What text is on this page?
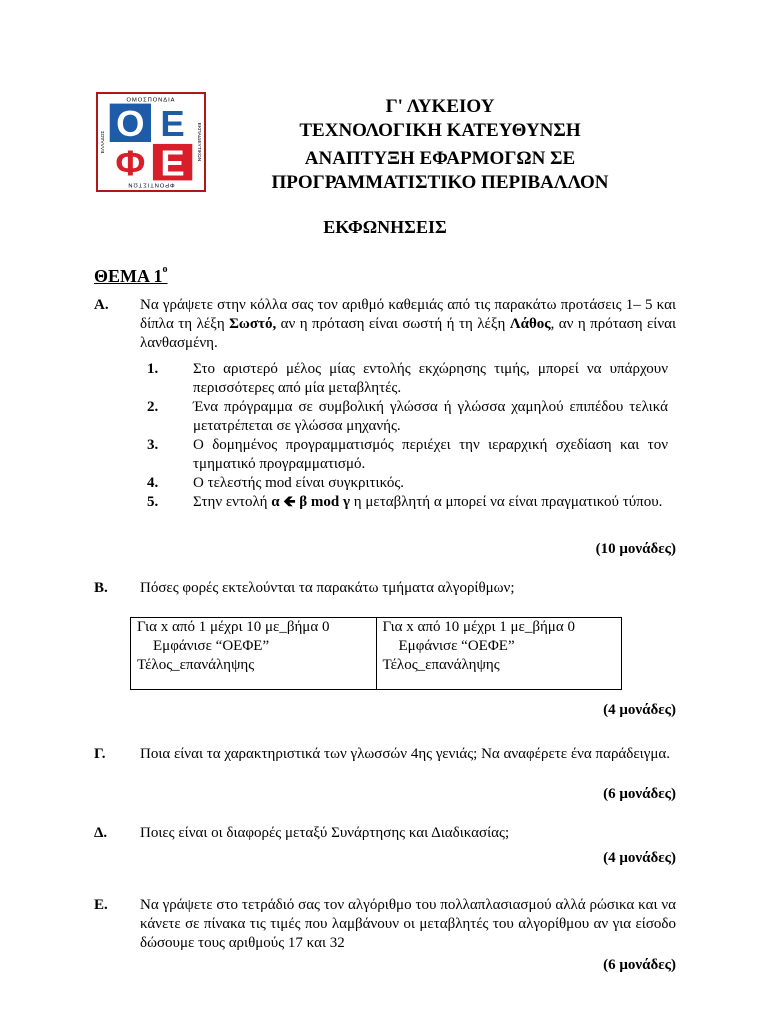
Ο Ε
Φ Ε
ΟΜΟΣΠΟΝΔΙΑ
ΦΡΟΝΤΙΣΤΩΝ
ΕΚΠΑΙΔΕΥΤΙΚΩΝ
ΕΛΛΑΔΟΣ
Γ' ΛΥΚΕΙΟΥ
ΤΕΧΝΟΛΟΓΙΚΗ ΚΑΤΕΥΘΥΝΣΗ
ΑΝΑΠΤΥΞΗ ΕΦΑΡΜΟΓΩΝ ΣΕ
ΠΡΟΓΡΑΜΜΑΤΙΣΤΙΚΟ ΠΕΡΙΒΑΛΛΟΝ
ΕΚΦΩΝΗΣΕΙΣ
ΘΕΜΑ $1^o$
Α. Να γράψετε στην κόλλα σας τον αριθμό καθεμιάς από τις παρακάτω προτάσεις 1– 5 και δίπλα τη λέξη Σωστό, αν η πρόταση είναι σωστή ή τη λέξη Λάθος, αν η πρόταση είναι λανθασμένη.
1. Στο αριστερό μέλος μίας εντολής εκχώρησης τιμής, μπορεί να υπάρχουν περισσότερες από μία μεταβλητές.
2. Ένα πρόγραμμα σε συμβολική γλώσσα ή γλώσσα χαμηλού επιπέδου τελικά μετατρέπεται σε γλώσσα μηχανής.
3. Ο δομημένος προγραμματισμός περιέχει την ιεραρχική σχεδίαση και τον τμηματικό προγραμματισμό.
4. Ο τελεστής mod είναι συγκριτικός.
5. Στην εντολή α 🡸 β mod γ η μεταβλητή α μπορεί να είναι πραγματικού τύπου.
(10 μονάδες)
Β. Πόσες φορές εκτελούνται τα παρακάτω τμήματα αλγορίθμων;
Για x από 1 μέχρι 10 με_βήμα 0
Εμφάνισε “ΟΕΦΕ”
Τέλος_επανάληψης
Για x από 10 μέχρι 1 με_βήμα 0
Εμφάνισε “ΟΕΦΕ”
Τέλος_επανάληψης
(4 μονάδες)
Γ. Ποια είναι τα χαρακτηριστικά των γλωσσών 4ης γενιάς; Να αναφέρετε ένα παράδειγμα.
(6 μονάδες)
Δ. Ποιες είναι οι διαφορές μεταξύ Συνάρτησης και Διαδικασίας;
(4 μονάδες)
Ε. Να γράψετε στο τετράδιό σας τον αλγόριθμο του πολλαπλασιασμού αλλά ρώσικα και να κάνετε σε πίνακα τις τιμές που λαμβάνουν οι μεταβλητές του αλγορίθμου αν για είσοδο δώσουμε τους αριθμούς 17 και 32
(6 μονάδες)
